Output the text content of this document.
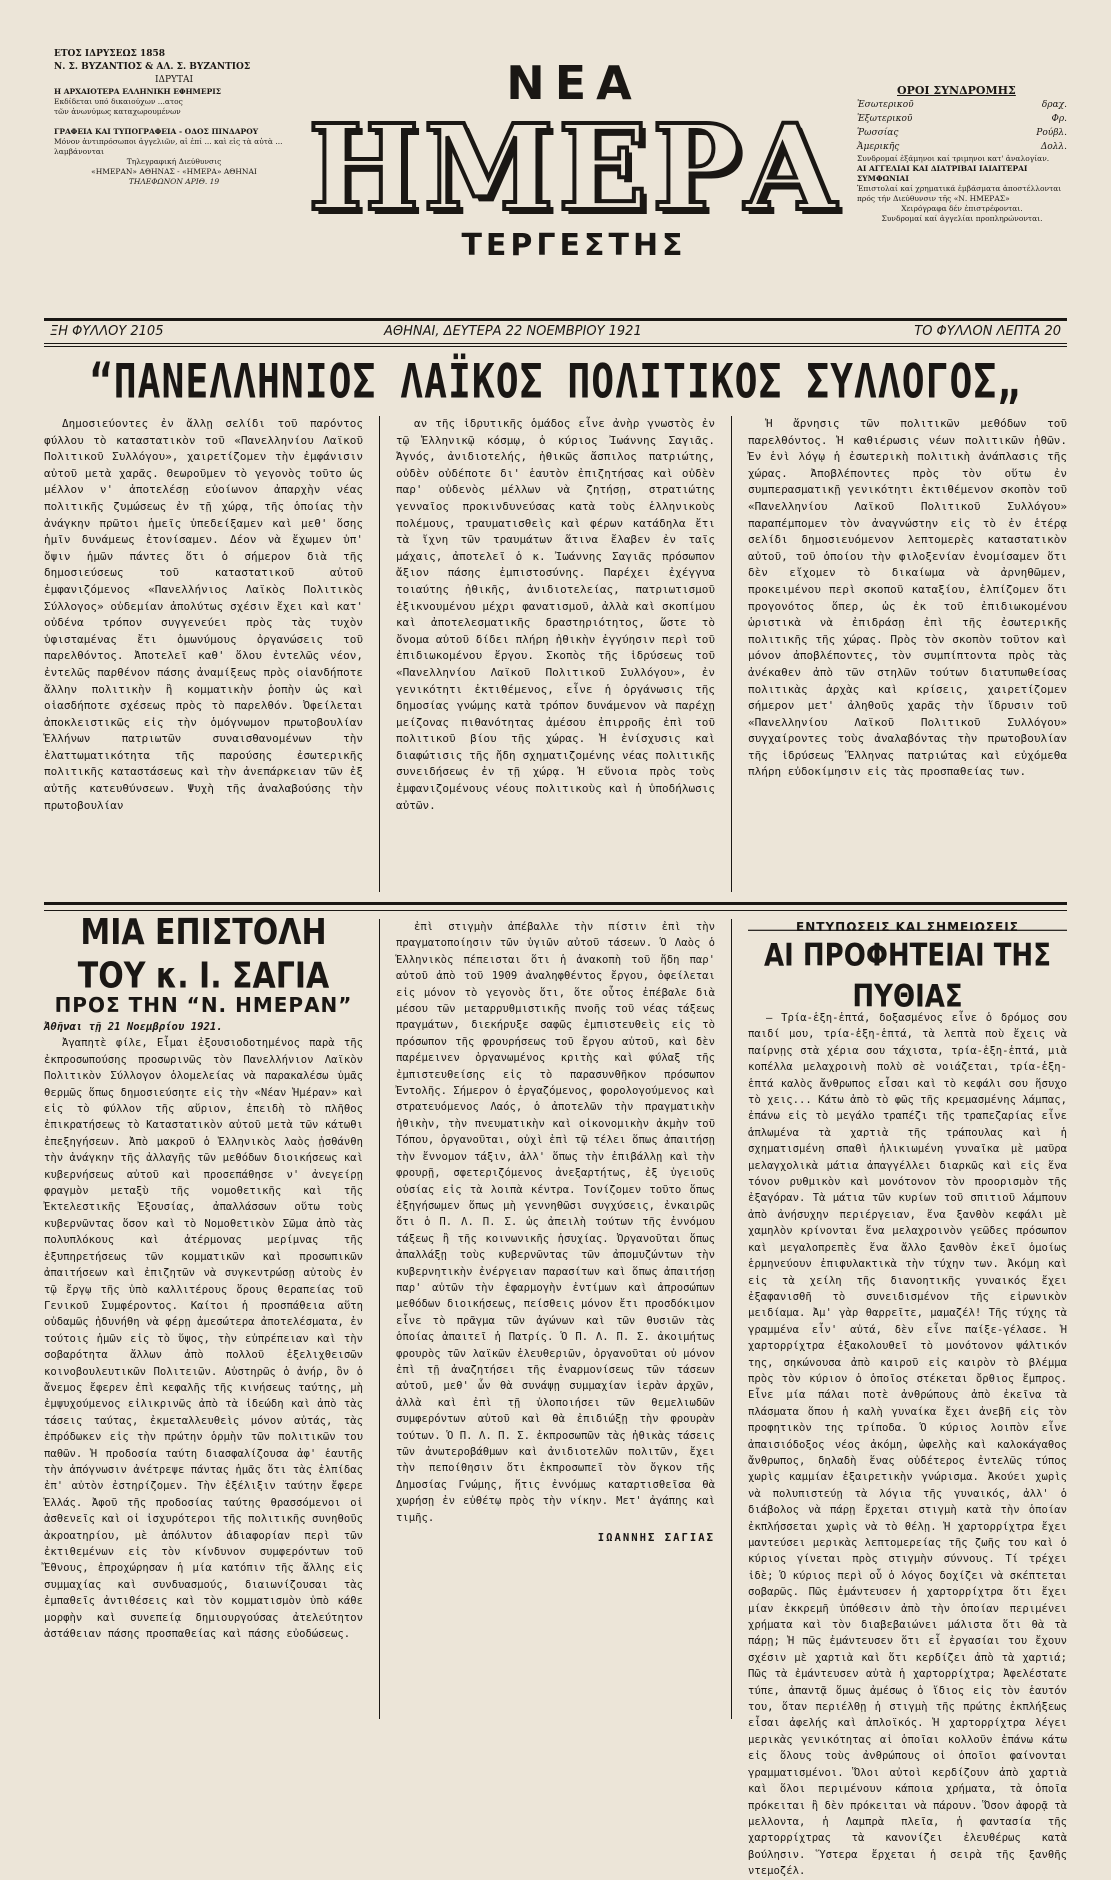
ΕΤΟΣ ΙΔΡΥΣΕΩΣ 1858
Ν. Σ. ΒΥΖΑΝΤΙΟΣ & ΑΛ. Σ. ΒΥΖΑΝΤΙΟΣ
ΙΔΡΥΤΑΙ
Η ΑΡΧΑΙΟΤΕΡΑ ΕΛΛΗΝΙΚΗ ΕΦΗΜΕΡΙΣ
Εκδίδεται υπό δικαιούχων ...ατος
τῶν ἀνωνύμως καταχωρουμένων
ΓΡΑΦΕΙΑ ΚΑΙ ΤΥΠΟΓΡΑΦΕΙΑ - ΟΔΟΣ ΠΙΝΔΑΡΟΥ
Μόνον ἀντιπρόσωποι ἀγγελιῶν, αἱ ἐπί ... καὶ εἰς τὰ αὐτὰ ... λαμβάνονται
Τηλεγραφική Διεύθυνσις
«ΗΜΕΡΑΝ» ΑΘΗΝΑΣ - «ΗΜΕΡΑ» ΑΘΗΝΑΙ
ΤΗΛΕΦΩΝΟΝ ΑΡΙΘ. 19
ΝΕΑ
ΗΜΕΡΑ
ΤΕΡΓΕΣΤΗΣ
ΟΡΟΙ ΣΥΝΔΡΟΜΗΣ
Ἐσωτερικοῦ	δραχ.
Ἐξωτερικοῦ	Φρ.
Ῥωσσίας	Ρούβλ.
Ἀμερικῆς	Δολλ.
Συνδρομαί ἑξάμηνοι καί τριμηνοι κατ' ἀναλογίαν.
ΑΙ ΑΓΓΕΛΙΑΙ ΚΑΙ ΔΙΑΤΡΙΒΑΙ ΙΑΙΑΙΤΕΡΑΙ ΣΥΜΦΩΝΙΑΙ
Ἐπιστολαί καί χρηματικά ἐμβάσματα ἀποστέλλονται πρός τήν Διεύθυνσιν τῆς «Ν. ΗΜΕΡΑΣ»
Χειρόγραφα δέν ἐπιστρέφονται.
Συνδρομαί καί ἀγγελίαι προπληρώνονται.
ΞΗ ΦΥΛΛΟΥ 2105	ΑΘΗΝΑΙ, ΔΕΥΤΕΡΑ 22 ΝΟΕΜΒΡΙΟΥ 1921	ΤΟ ΦΥΛΛΟΝ ΛΕΠΤΑ 20
“ΠΑΝΕΛΛΗΝΙΟΣ ΛΑΪΚΟΣ ΠΟΛΙΤΙΚΟΣ ΣΥΛΛΟΓΟΣ„

Δημοσιεύοντες ἐν ἄλλῃ σελίδι τοῦ παρόντος φύλλου τὸ καταστατικὸν τοῦ «Πανελληνίου Λαϊκοῦ Πολιτικοῦ Συλλόγου», χαιρετίζομεν τὴν ἐμφάνισιν αὐτοῦ μετὰ χαρᾶς. Θεωροῦμεν τὸ γεγονὸς τοῦτο ὡς μέλλον ν' ἀποτελέσῃ εὐοίωνον ἀπαρχὴν νέας πολιτικῆς ζυμώσεως ἐν τῇ χώρᾳ, τῆς ὁποίας τὴν ἀνάγκην πρῶτοι ἡμεῖς ὑπεδείξαμεν καὶ μεθ' ὅσης ἡμῖν δυνάμεως ἐτονίσαμεν. Δέον νὰ ἔχωμεν ὑπ' ὄψιν ἡμῶν πάντες ὅτι ὁ σήμερον διὰ τῆς δημοσιεύσεως τοῦ καταστατικοῦ αὐτοῦ ἐμφανιζόμενος «Πανελλήνιος Λαϊκὸς Πολιτικὸς Σύλλογος» οὐδεμίαν ἀπολύτως σχέσιν ἔχει καὶ κατ' οὐδένα τρόπον συγγενεύει πρὸς τὰς τυχὸν ὑφισταμένας ἔτι ὁμωνύμους ὀργανώσεις τοῦ παρελθόντος. Ἀποτελεῖ καθ' ὅλου ἐντελῶς νέον, ἐντελῶς παρθένον πάσης ἀναμίξεως πρὸς οἱανδήποτε ἄλλην πολιτικὴν ἢ κομματικὴν ῥοπὴν ὡς καὶ οἱασδήποτε σχέσεως πρὸς τὸ παρελθόν. Ὀφείλεται ἀποκλειστικῶς εἰς τὴν ὁμόγνωμον πρωτοβουλίαν Ἑλλήνων πατριωτῶν συναισθανομένων τὴν ἐλαττωματικότητα τῆς παρούσης ἐσωτερικῆς πολιτικῆς καταστάσεως καὶ τὴν ἀνεπάρκειαν τῶν ἐξ αὐτῆς κατευθύνσεων. Ψυχὴ τῆς ἀναλαβούσης τὴν πρωτοβουλίαν

αν τῆς ἱδρυτικῆς ὁμάδος εἶνε ἀνὴρ γνωστὸς ἐν τῷ Ἑλληνικῷ κόσμῳ, ὁ κύριος Ἰωάννης Σαγιᾶς. Ἁγνός, ἀνιδιοτελής, ἠθικῶς ἄσπιλος πατριώτης, οὐδὲν οὐδέποτε δι' ἑαυτὸν ἐπιζητήσας καὶ οὐδὲν παρ' οὐδενὸς μέλλων νὰ ζητήσῃ, στρατιώτης γενναῖος προκινδυνεύσας κατὰ τοὺς ἑλληνικοὺς πολέμους, τραυματισθεὶς καὶ φέρων κατάδηλα ἔτι τὰ ἴχνη τῶν τραυμάτων ἅτινα ἔλαβεν ἐν ταῖς μάχαις, ἀποτελεῖ ὁ κ. Ἰωάννης Σαγιᾶς πρόσωπον ἄξιον πάσης ἐμπιστοσύνης. Παρέχει ἐχέγγυα τοιαύτης ἠθικῆς, ἀνιδιοτελείας, πατριωτισμοῦ ἐξικνουμένου μέχρι φανατισμοῦ, ἀλλὰ καὶ σκοπίμου καὶ ἀποτελεσματικῆς δραστηριότητος, ὥστε τὸ ὄνομα αὐτοῦ δίδει πλήρη ἠθικὴν ἐγγύησιν περὶ τοῦ ἐπιδιωκομένου ἔργου. Σκοπὸς τῆς ἱδρύσεως τοῦ «Πανελληνίου Λαϊκοῦ Πολιτικοῦ Συλλόγου», ἐν γενικότητι ἐκτιθέμενος, εἶνε ἡ ὀργάνωσις τῆς δημοσίας γνώμης κατὰ τρόπον δυνάμενον νὰ παρέχῃ μείζονας πιθανότητας ἀμέσου ἐπιρροῆς ἐπὶ τοῦ πολιτικοῦ βίου τῆς χώρας. Ἡ ἐνίσχυσις καὶ διαφώτισις τῆς ἤδη σχηματιζομένης νέας πολιτικῆς συνειδήσεως ἐν τῇ χώρᾳ. Ἡ εὔνοια πρὸς τοὺς ἐμφανιζομένους νέους πολιτικοὺς καὶ ἡ ὑποδήλωσις αὐτῶν.

Ἡ ἄρνησις τῶν πολιτικῶν μεθόδων τοῦ παρελθόντος. Ἡ καθιέρωσις νέων πολιτικῶν ἠθῶν. Ἐν ἑνὶ λόγῳ ἡ ἐσωτερικὴ πολιτικὴ ἀνάπλασις τῆς χώρας. Ἀποβλέποντες πρὸς τὸν οὕτω ἐν συμπερασματικῇ γενικότητι ἐκτιθέμενον σκοπὸν τοῦ «Πανελληνίου Λαϊκοῦ Πολιτικοῦ Συλλόγου» παραπέμπομεν τὸν ἀναγνώστην εἰς τὸ ἐν ἑτέρᾳ σελίδι δημοσιευόμενον λεπτομερὲς καταστατικὸν αὐτοῦ, τοῦ ὁποίου τὴν φιλοξενίαν ἐνομίσαμεν ὅτι δὲν εἴχομεν τὸ δικαίωμα νὰ ἀρνηθῶμεν, προκειμένου περὶ σκοποῦ καταξίου, ἐλπίζομεν ὅτι προγονότος ὅπερ, ὡς ἐκ τοῦ ἐπιδιωκομένου ὡριστικὰ νὰ ἐπιδράσῃ ἐπὶ τῆς ἐσωτερικῆς πολιτικῆς τῆς χώρας. Πρὸς τὸν σκοπὸν τοῦτον καὶ μόνον ἀποβλέποντες, τὸν συμπίπτοντα πρὸς τὰς ἀνέκαθεν ἀπὸ τῶν στηλῶν τούτων διατυπωθείσας πολιτικὰς ἀρχὰς καὶ κρίσεις, χαιρετίζομεν σήμερον μετ' ἀληθοῦς χαρᾶς τὴν ἵδρυσιν τοῦ «Πανελληνίου Λαϊκοῦ Πολιτικοῦ Συλλόγου» συγχαίροντες τοὺς ἀναλαβόντας τὴν πρωτοβουλίαν τῆς ἱδρύσεως Ἕλληνας πατριώτας καὶ εὐχόμεθα πλήρη εὐδοκίμησιν εἰς τὰς προσπαθείας των.

ΜΙΑ ΕΠΙΣΤΟΛΗ ΤΟΥ κ. Ι. ΣΑΓΙΑ
ΠΡΟΣ ΤΗΝ “Ν. ΗΜΕΡΑΝ”

Ἀθῆναι τῇ 21 Νοεμβρίου 1921.

Ἀγαπητὲ φίλε, Εἶμαι ἐξουσιοδοτημένος παρὰ τῆς ἐκπροσωπούσης προσωρινῶς τὸν Πανελλήνιον Λαϊκὸν Πολιτικὸν Σύλλογον ὁλομελείας νὰ παρακαλέσω ὑμᾶς θερμῶς ὅπως δημοσιεύσητε εἰς τὴν «Νέαν Ἡμέραν» καὶ εἰς τὸ φύλλον τῆς αὔριον, ἐπειδὴ τὸ πλῆθος ἐπικρατήσεως τὸ Καταστατικὸν αὐτοῦ μετὰ τῶν κάτωθι ἐπεξηγήσεων. Ἀπὸ μακροῦ ὁ Ἑλληνικὸς λαὸς ᾐσθάνθη τὴν ἀνάγκην τῆς ἀλλαγῆς τῶν μεθόδων διοικήσεως καὶ κυβερνήσεως αὐτοῦ καὶ προσεπάθησε ν' ἀνεγείρῃ φραγμὸν μεταξὺ τῆς νομοθετικῆς καὶ τῆς Ἐκτελεστικῆς Ἐξουσίας, ἀπαλλάσσων οὕτω τοὺς κυβερνῶντας ὅσον καὶ τὸ Νομοθετικὸν Σῶμα ἀπὸ τὰς πολυπλόκους καὶ ἀτέρμονας μερίμνας τῆς ἐξυπηρετήσεως τῶν κομματικῶν καὶ προσωπικῶν ἀπαιτήσεων καὶ ἐπιζητῶν νὰ συγκεντρώσῃ αὐτοὺς ἐν τῷ ἔργῳ τῆς ὑπὸ καλλιτέρους ὅρους θεραπείας τοῦ Γενικοῦ Συμφέροντος. Καίτοι ἡ προσπάθεια αὕτη οὐδαμῶς ἠδυνήθη νὰ φέρῃ ἀμεσώτερα ἀποτελέσματα, ἐν τούτοις ἡμῶν εἰς τὸ ὕψος, τὴν εὐπρέπειαν καὶ τὴν σοβαρότητα ἄλλων ἀπὸ πολλοῦ ἐξελιχθεισῶν κοινοβουλευτικῶν Πολιτειῶν. Αὐστηρῶς ὁ ἀνήρ, ὃν ὁ ἄνεμος ἔφερεν ἐπὶ κεφαλῆς τῆς κινήσεως ταύτης, μὴ ἐμψυχούμενος εἰλικρινῶς ἀπὸ τὰ ἰδεώδη καὶ ἀπὸ τὰς τάσεις ταύτας, ἐκμεταλλευθεὶς μόνον αὐτάς, τὰς ἐπρόδωκεν εἰς τὴν πρώτην ὁρμὴν τῶν πολιτικῶν του παθῶν. Ἡ προδοσία ταύτη διασφαλίζουσα ἀφ' ἑαυτῆς τὴν ἀπόγνωσιν ἀνέτρεψε πάντας ἡμᾶς ὅτι τὰς ἐλπίδας ἐπ' αὐτὸν ἐστηρίζομεν. Τὴν ἐξέλιξιν ταύτην ἔφερε Ἑλλάς. Ἀφοῦ τῆς προδοσίας ταύτης θρασσόμενοι οἱ ἀσθενεῖς καὶ οἱ ἰσχυρότεροι τῆς πολιτικῆς συνηθοῦς ἀκροατηρίου, μὲ ἀπόλυτον ἀδιαφορίαν περὶ τῶν ἐκτιθεμένων εἰς τὸν κίνδυνον συμφερόντων τοῦ Ἔθνους, ἐπροχώρησαν ἡ μία κατόπιν τῆς ἄλλης εἰς συμμαχίας καὶ συνδυασμούς, διαιωνίζουσαι τὰς ἐμπαθεῖς ἀντιθέσεις καὶ τὸν κομματισμὸν ὑπὸ κάθε μορφὴν καὶ συνεπείᾳ δημιουργούσας ἀτελεύτητον ἀστάθειαν πάσης προσπαθείας καὶ πάσης εὐοδώσεως.

ἐπὶ στιγμὴν ἀπέβαλλε τὴν πίστιν ἐπὶ τὴν πραγματοποίησιν τῶν ὑγιῶν αὐτοῦ τάσεων. Ὁ Λαὸς ὁ Ἑλληνικὸς πέπεισται ὅτι ἡ ἀνακοπὴ τοῦ ἤδη παρ' αὐτοῦ ἀπὸ τοῦ 1909 ἀναληφθέντος ἔργου, ὀφείλεται εἰς μόνον τὸ γεγονὸς ὅτι, ὅτε οὗτος ἐπέβαλε διὰ μέσου τῶν μεταρρυθμιστικῆς πνοῆς τοῦ νέας τάξεως πραγμάτων, διεκήρυξε σαφῶς ἐμπιστευθεὶς εἰς τὸ πρόσωπον τῆς φρουρήσεως τοῦ ἔργου αὐτοῦ, καὶ δὲν παρέμεινεν ὀργανωμένος κριτὴς καὶ φύλαξ τῆς ἐμπιστευθείσης εἰς τὸ παρασυνθῆκον πρόσωπον Ἐντολῆς. Σήμερον ὁ ἐργαζόμενος, φορολογούμενος καὶ στρατευόμενος Λαός, ὁ ἀποτελῶν τὴν πραγματικὴν ἠθικὴν, τὴν πνευματικὴν καὶ οἰκονομικὴν ἀκμὴν τοῦ Τόπου, ὀργανοῦται, οὐχὶ ἐπὶ τῷ τέλει ὅπως ἀπαιτήσῃ τὴν ἔννομον τάξιν, ἀλλ' ὅπως τὴν ἐπιβάλλῃ καὶ τὴν φρουρῇ, σφετεριζόμενος ἀνεξαρτήτως, ἐξ ὑγειοῦς οὐσίας εἰς τὰ λοιπὰ κέντρα. Τονίζομεν τοῦτο ὅπως ἐξηγήσωμεν ὅπως μὴ γεννηθῶσι συγχύσεις, ἐνκαιρῶς ὅτι ὁ Π. Λ. Π. Σ. ὡς ἀπειλὴ τούτων τῆς ἐννόμου τάξεως ἢ τῆς κοινωνικῆς ἡσυχίας. Ὀργανοῦται ὅπως ἀπαλλάξῃ τοὺς κυβερνῶντας τῶν ἀπομυζώντων τὴν κυβερνητικὴν ἐνέργειαν παρασίτων καὶ ὅπως ἀπαιτήσῃ παρ' αὐτῶν τὴν ἐφαρμογὴν ἐντίμων καὶ ἀπροσώπων μεθόδων διοικήσεως, πείσθεις μόνον ἔτι προσδόκιμον εἶνε τὸ πρᾶγμα τῶν ἀγώνων καὶ τῶν θυσιῶν τὰς ὁποίας ἀπαιτεῖ ἡ Πατρίς. Ὁ Π. Λ. Π. Σ. ἀκοιμήτως φρουρὸς τῶν λαϊκῶν ἐλευθεριῶν, ὀργανοῦται οὐ μόνον ἐπὶ τῇ ἀναζητήσει τῆς ἐναρμονίσεως τῶν τάσεων αὐτοῦ, μεθ' ὧν θὰ συνάψῃ συμμαχίαν ἱερὰν ἀρχῶν, ἀλλὰ καὶ ἐπὶ τῇ ὑλοποιήσει τῶν θεμελιωδῶν συμφερόντων αὐτοῦ καὶ θὰ ἐπιδιώξῃ τὴν φρουρὰν τούτων. Ὁ Π. Λ. Π. Σ. ἐκπροσωπῶν τὰς ἠθικὰς τάσεις τῶν ἀνωτεροβάθμων καὶ ἀνιδιοτελῶν πολιτῶν, ἔχει τὴν πεποίθησιν ὅτι ἐκπροσωπεῖ τὸν ὄγκον τῆς Δημοσίας Γνώμης, ἥτις ἐννόμως καταρτισθεῖσα θὰ χωρήσῃ ἐν εὐθέτῳ πρὸς τὴν νίκην. Μετ' ἀγάπης καὶ τιμῆς.

ΙΩΑΝΝΗΣ ΣΑΓΙΑΣ
ΕΝΤΥΠΩΣΕΙΣ ΚΑΙ ΣΗΜΕΙΩΣΕΙΣ
ΑΙ ΠΡΟΦΗΤΕΙΑΙ ΤΗΣ ΠΥΘΙΑΣ

— Τρία-ἑξη-ἑπτά, δοξασμένος εἶνε ὁ δρόμος σου παιδί μου, τρία-ἑξη-ἑπτά, τὰ λεπτὰ ποὺ ἔχεις νὰ παίρνῃς στὰ χέρια σου τάχιστα, τρία-ἑξη-ἑπτά, μιὰ κοπέλλα μελαχροινὴ πολὺ σὲ νοιάζεται, τρία-ἑξη-ἑπτά καλὸς ἄνθρωπος εἶσαι καὶ τὸ κεφάλι σου ἥσυχο τὸ χεις... Κάτω ἀπὸ τὸ φῶς τῆς κρεμασμένης λάμπας, ἐπάνω εἰς τὸ μεγάλο τραπέζι τῆς τραπεζαρίας εἶνε ἁπλωμένα τὰ χαρτιὰ τῆς τράπουλας καὶ ἡ σχηματισμένη σπαθὶ ἡλικιωμένη γυναῖκα μὲ μαῦρα μελαγχολικὰ μάτια ἀπαγγέλλει διαρκῶς καὶ εἰς ἕνα τόνον ρυθμικὸν καὶ μονότονον τὸν προορισμὸν τῆς ἐξαγόραν. Τὰ μάτια τῶν κυρίων τοῦ σπιτιοῦ λάμπουν ἀπὸ ἀνήσυχην περιέργειαν, ἕνα ξανθὸν κεφάλι μὲ χαμηλὸν κρίνονται ἕνα μελαχροινὸν γεῶδες πρόσωπον καὶ μεγαλοπρεπὲς ἕνα ἄλλο ξανθὸν ἐκεῖ ὁμοίως ἑρμηνεύουν ἐπιφυλακτικὰ τὴν τύχην των. Ἀκόμη καὶ εἰς τὰ χείλη τῆς διανοητικῆς γυναικός ἔχει ἐξαφανισθῆ τὸ συνειδισμένον τῆς εἰρωνικὸν μειδίαμα. Ἀμ' γὰρ θαρρεῖτε, μαμαζέλ! Τῆς τύχης τὰ γραμμένα εἶν' αὐτά, δὲν εἶνε παίξε-γέλασε. Ἡ χαρτορρίχτρα ἐξακολουθεῖ τὸ μονότονον ψάλτικόν της, σηκώνουσα ἀπὸ καιροῦ εἰς καιρὸν τὸ βλέμμα πρὸς τὸν κύριον ὁ ὁποῖος στέκεται ὄρθιος ἔμπρος. Εἶνε μία πάλαι ποτὲ ἀνθρώπους ἀπὸ ἐκεῖνα τὰ πλάσματα ὅπου ἡ καλὴ γυναίκα ἔχει ἀνεβῆ εἰς τὸν προφητικὸν της τρίποδα. Ὁ κύριος λοιπὸν εἶνε ἀπαισιόδοξος νέος ἀκόμη, ὠφελὴς καὶ καλοκάγαθος ἄνθρωπος, δηλαδὴ ἕνας οὐδέτερος ἐντελῶς τύπος χωρὶς καμμίαν ἐξαιρετικὴν γνώρισμα. Ἀκούει χωρὶς νὰ πολυπιστεύῃ τὰ λόγια τῆς γυναικός, ἀλλ' ὁ διάβολος νὰ πάρῃ ἔρχεται στιγμὴ κατὰ τὴν ὁποίαν ἐκπλήσσεται χωρὶς νὰ τὸ θέλῃ. Ἡ χαρτορρίχτρα ἔχει μαντεύσει μερικὰς λεπτομερείας τῆς ζωῆς του καὶ ὁ κύριος γίνεται πρὸς στιγμὴν σύννους. Τί τρέχει ἰδὲ; Ὁ κύριος περὶ οὗ ὁ λόγος δοχίζει νὰ σκέπτεται σοβαρῶς. Πῶς ἐμάντευσεν ἡ χαρτορρίχτρα ὅτι ἔχει μίαν ἐκκρεμῆ ὑπόθεσιν ἀπὸ τὴν ὁποίαν περιμένει χρήματα καὶ τὸν διαβεβαιώνει μάλιστα ὅτι θὰ τὰ πάρῃ; Ἡ πῶς ἐμάντευσεν ὅτι εἶ ἐργασίαι του ἔχουν σχέσιν μὲ χαρτιὰ καὶ ὅτι κερδίζει ἀπὸ τὰ χαρτιά; Πῶς τὰ ἐμάντευσεν αὐτὰ ἡ χαρτορρίχτρα; Ἀφελέστατε τύπε, ἀπαντᾷ ὅμως ἀμέσως ὁ ἴδιος εἰς τὸν ἑαυτόν του, ὅταν περιέλθῃ ἡ στιγμὴ τῆς πρώτης ἐκπλήξεως εἶσαι ἀφελής καὶ ἀπλοϊκός. Ἡ χαρτορρίχτρα λέγει μερικὰς γενικότητας αἱ ὁποῖαι κολλοῦν ἐπάνω κάτω εἰς ὅλους τοὺς ἀνθρώπους οἱ ὁποῖοι φαίνονται γραμματισμένοι. Ὅλοι αὐτοὶ κερδίζουν ἀπὸ χαρτιὰ καὶ ὅλοι περιμένουν κάποια χρήματα, τὰ ὁποῖα πρόκειται ἢ δὲν πρόκειται νὰ πάρουν. Ὅσον ἀφορᾷ τὰ μελλοντα, ἡ Λαμπρὰ πλεῖα, ἡ φαντασία τῆς χαρτορρίχτρας τὰ κανονίζει ἐλευθέρως κατὰ βούλησιν. Ὕστερα ἔρχεται ἡ σειρὰ τῆς ξανθῆς ντεμοζέλ.
